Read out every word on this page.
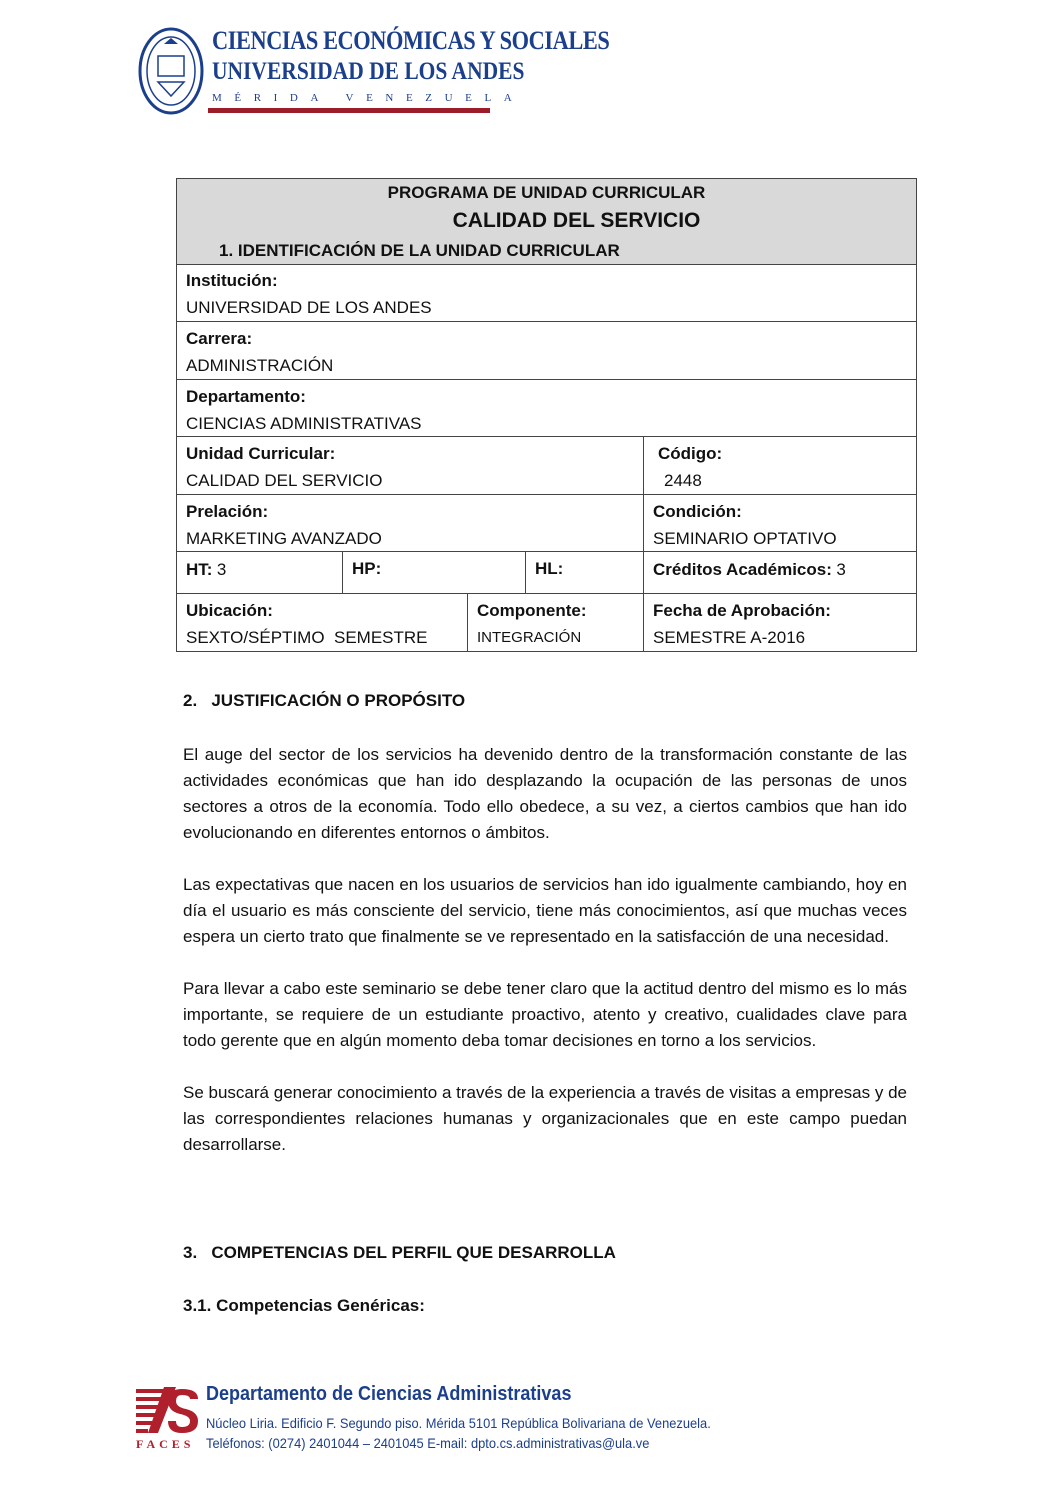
CIENCIAS ECONÓMICAS Y SOCIALES
UNIVERSIDAD DE LOS ANDES
MÉRIDA VENEZUELA
PROGRAMA DE UNIDAD CURRICULAR
CALIDAD DEL SERVICIO
1. IDENTIFICACIÓN DE LA UNIDAD CURRICULAR
Institución:
UNIVERSIDAD DE LOS ANDES
Carrera:
ADMINISTRACIÓN
Departamento:
CIENCIAS ADMINISTRATIVAS
Unidad Curricular:
CALIDAD DEL SERVICIO
Código:
2448
Prelación:
MARKETING AVANZADO
Condición:
SEMINARIO OPTATIVO
HT: 3	HP:	HL:	Créditos Académicos: 3
Ubicación:
SEXTO/SÉPTIMO  SEMESTRE
Componente:
INTEGRACIÓN
Fecha de Aprobación:
SEMESTRE A-2016
2.   JUSTIFICACIÓN O PROPÓSITO

El auge del sector de los servicios ha devenido dentro de la transformación constante de las actividades económicas que han ido desplazando la ocupación de las personas de unos sectores a otros de la economía. Todo ello obedece, a su vez, a ciertos cambios que han ido evolucionando en diferentes entornos o ámbitos.

Las expectativas que nacen en los usuarios de servicios han ido igualmente cambiando, hoy en día el usuario es más consciente del servicio, tiene más conocimientos, así que muchas veces espera un cierto trato que finalmente se ve representado en la satisfacción de una necesidad.

Para llevar a cabo este seminario se debe tener claro que la actitud dentro del mismo es lo más importante, se requiere de un estudiante proactivo, atento y creativo, cualidades clave para todo gerente que en algún momento deba tomar decisiones en torno a los servicios.

Se buscará generar conocimiento a través de la experiencia a través de visitas a empresas y de las correspondientes relaciones humanas y organizacionales que en este campo puedan desarrollarse.

3.   COMPETENCIAS DEL PERFIL QUE DESARROLLA
3.1. Competencias Genéricas:
FACES
Departamento de Ciencias Administrativas
Núcleo Liria. Edificio F. Segundo piso. Mérida 5101 República Bolivariana de Venezuela.
Teléfonos: (0274) 2401044 – 2401045 E-mail: dpto.cs.administrativas@ula.ve
